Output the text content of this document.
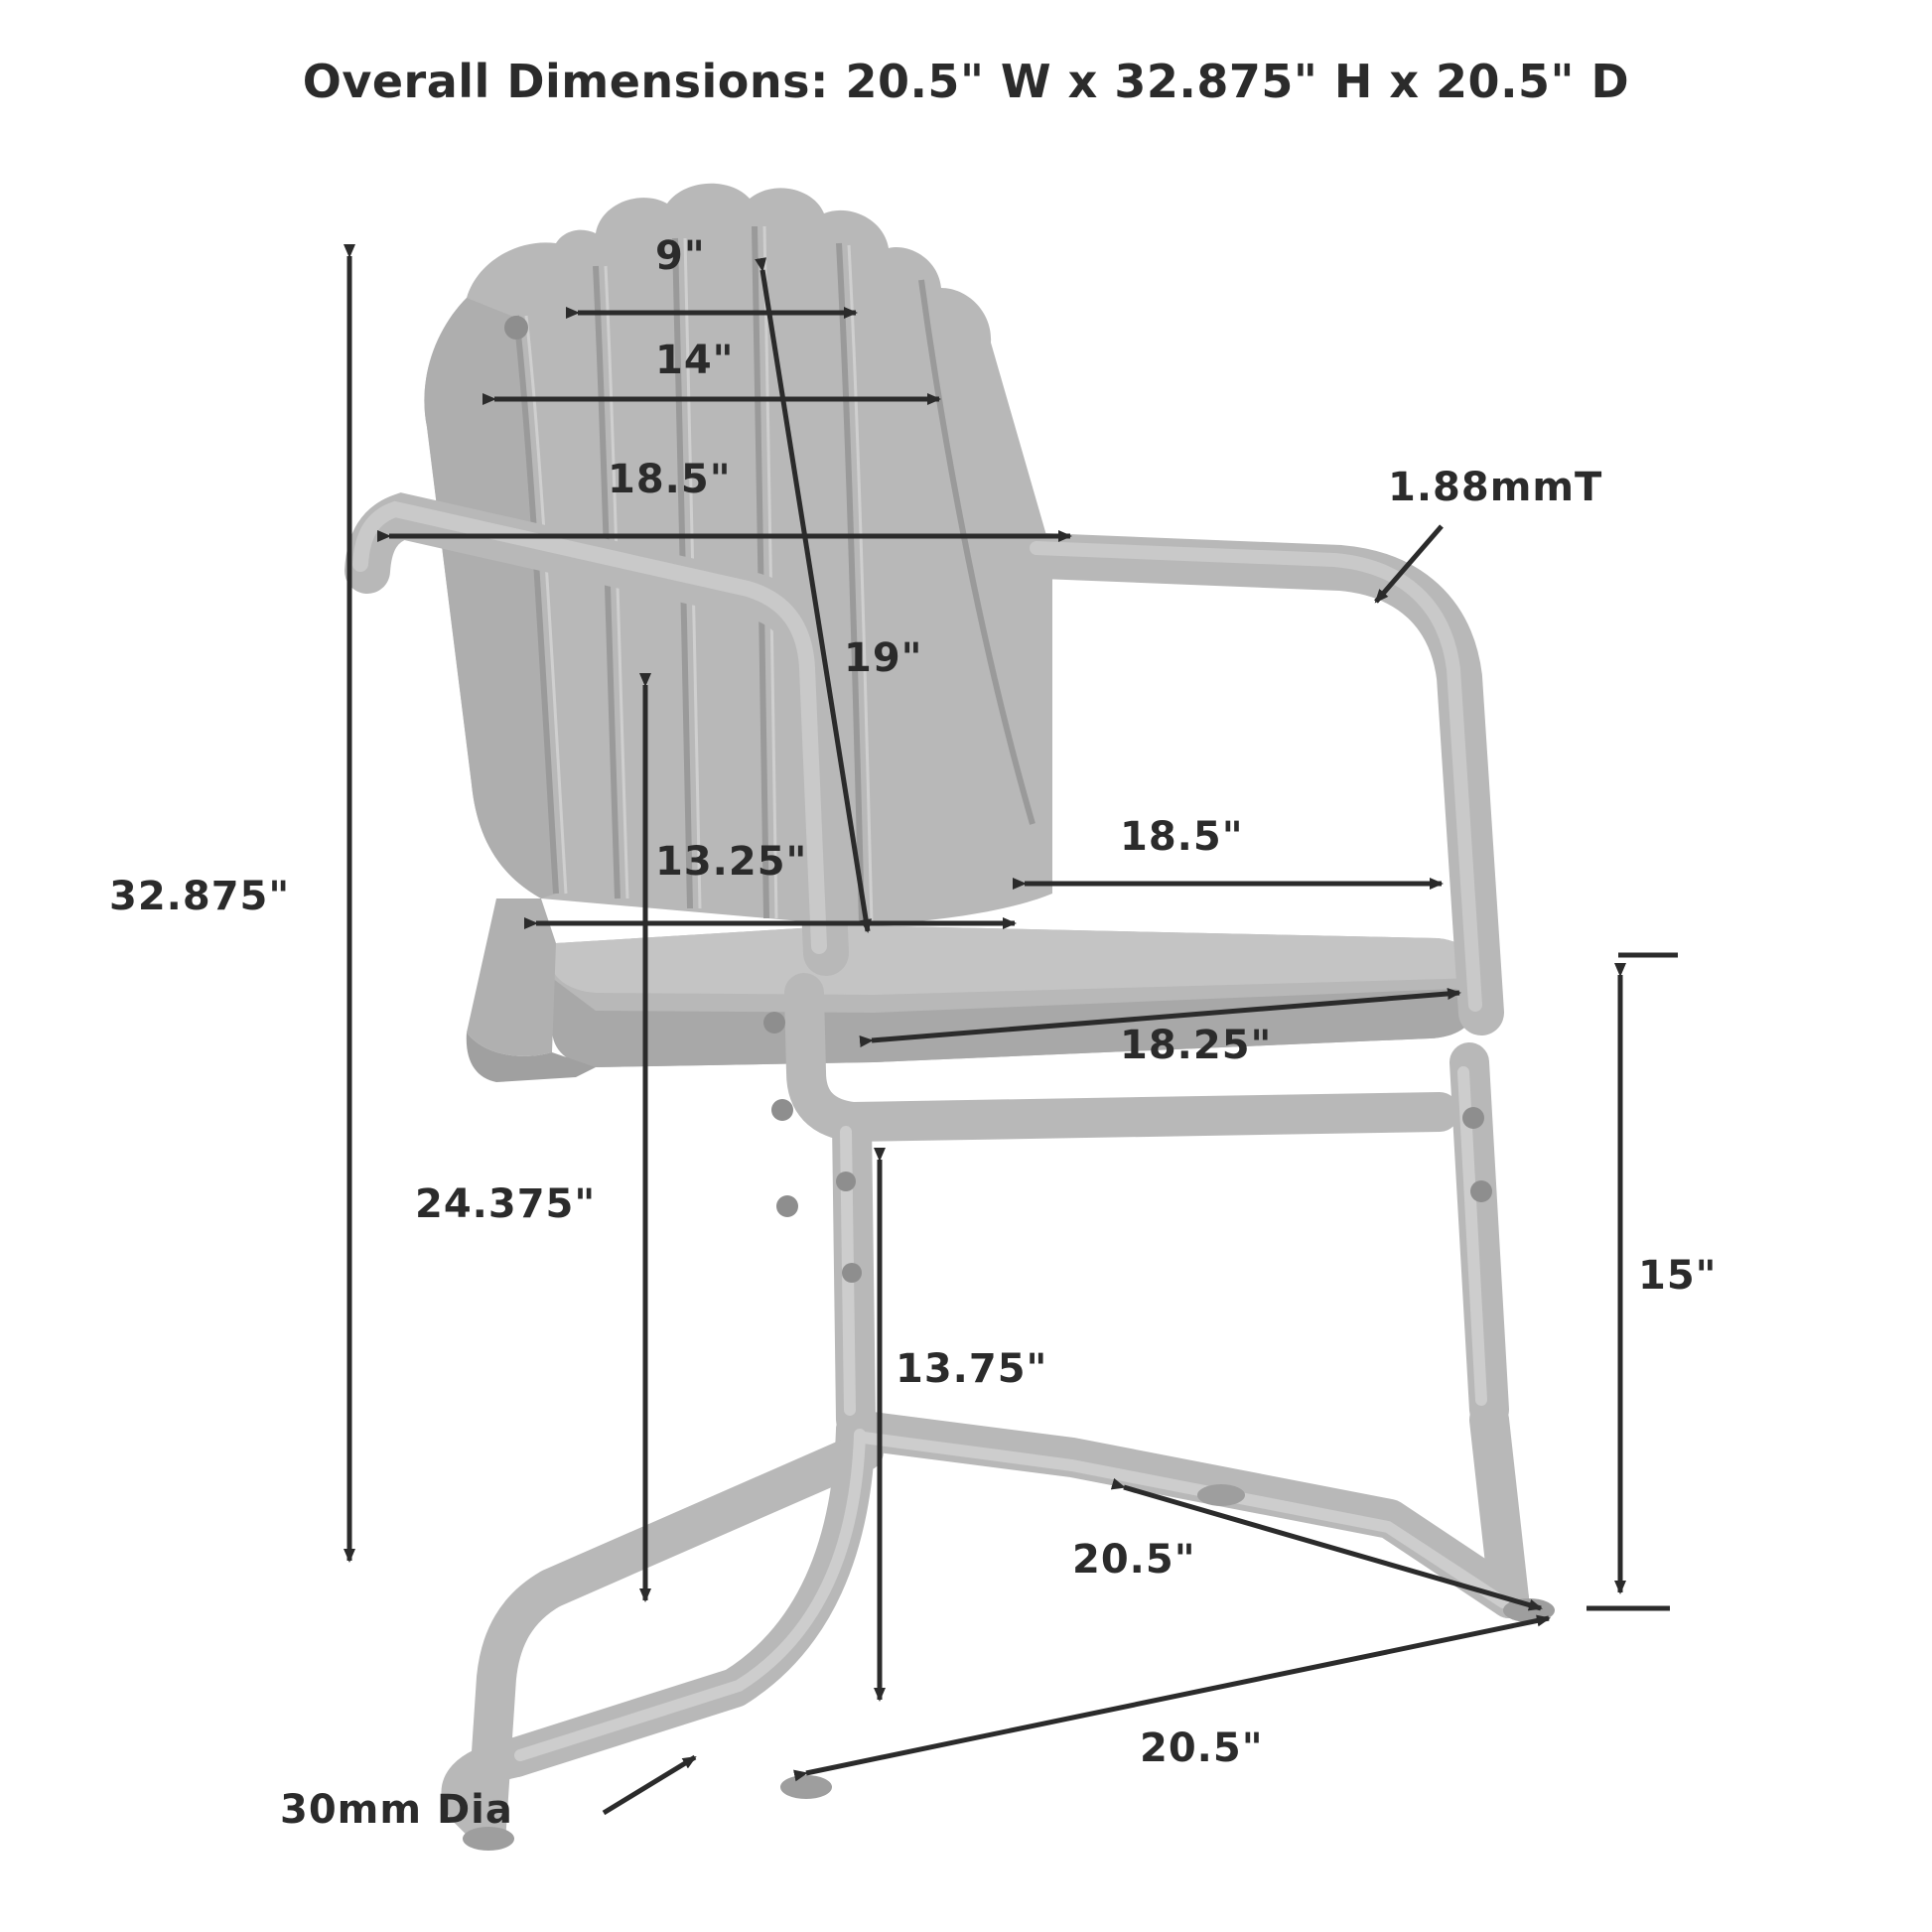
Overall Dimensions: 20.5" W x 32.875" H x 20.5" D
9"
14"
18.5"
19"
1.88mmT
13.25"
18.5"
18.25"
32.875"
24.375"
13.75"
15"
20.5"
20.5"
30mm Dia
